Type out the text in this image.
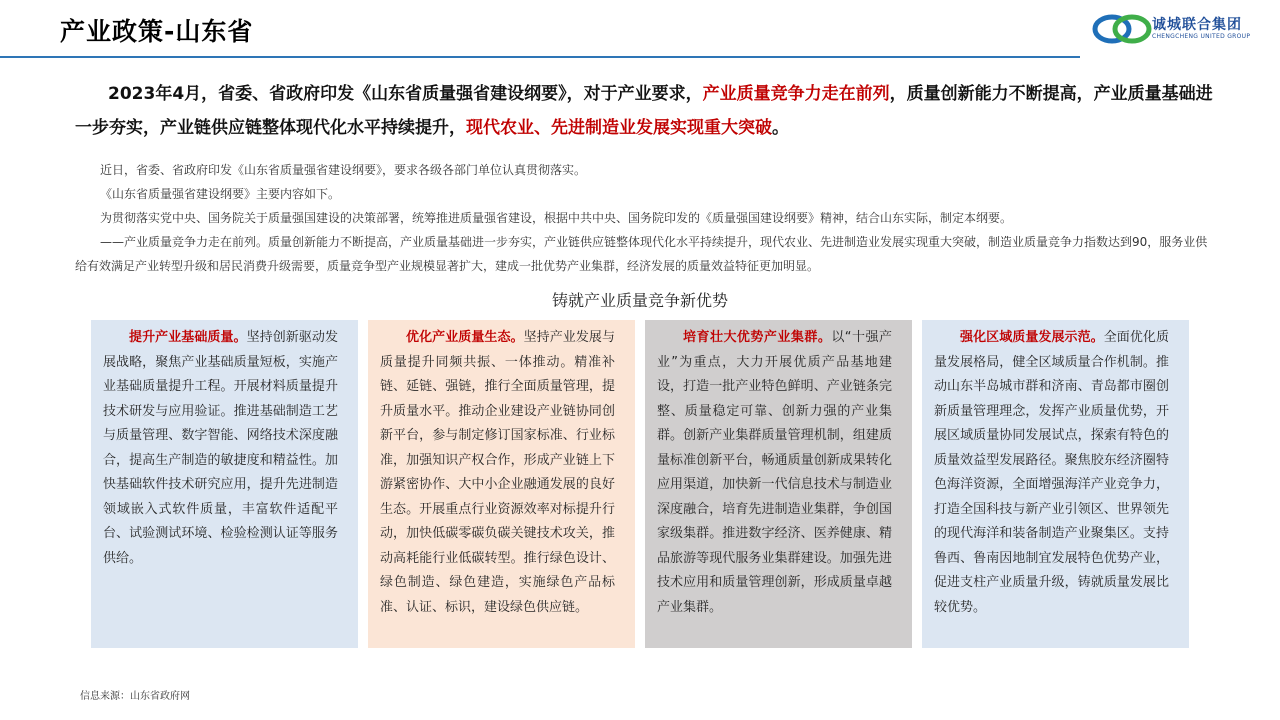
产业政策-山东省	诚城联合集团
CHENGCHENG UNITED GROUP
2023年4月，省委、省政府印发《山东省质量强省建设纲要》，对于产业要求，产业质量竞争力走在前列，质量创新能力不断提高，产业质量基础进一步夯实，产业链供应链整体现代化水平持续提升，现代农业、先进制造业发展实现重大突破。

近日，省委、省政府印发《山东省质量强省建设纲要》，要求各级各部门单位认真贯彻落实。

《山东省质量强省建设纲要》主要内容如下。

为贯彻落实党中央、国务院关于质量强国建设的决策部署，统筹推进质量强省建设，根据中共中央、国务院印发的《质量强国建设纲要》精神，结合山东实际，制定本纲要。

——产业质量竞争力走在前列。质量创新能力不断提高，产业质量基础进一步夯实，产业链供应链整体现代化水平持续提升，现代农业、先进制造业发展实现重大突破，制造业质量竞争力指数达到90，服务业供给有效满足产业转型升级和居民消费升级需要，质量竞争型产业规模显著扩大，建成一批优势产业集群，经济发展的质量效益特征更加明显。

铸就产业质量竞争新优势

提升产业基础质量。坚持创新驱动发展战略，聚焦产业基础质量短板，实施产业基础质量提升工程。开展材料质量提升技术研发与应用验证。推进基础制造工艺与质量管理、数字智能、网络技术深度融合，提高生产制造的敏捷度和精益性。加快基础软件技术研究应用，提升先进制造领域嵌入式软件质量，丰富软件适配平台、试验测试环境、检验检测认证等服务供给。

优化产业质量生态。坚持产业发展与质量提升同频共振、一体推动。精准补链、延链、强链，推行全面质量管理，提升质量水平。推动企业建设产业链协同创新平台，参与制定修订国家标准、行业标准，加强知识产权合作，形成产业链上下游紧密协作、大中小企业融通发展的良好生态。开展重点行业资源效率对标提升行动，加快低碳零碳负碳关键技术攻关，推动高耗能行业低碳转型。推行绿色设计、绿色制造、绿色建造，实施绿色产品标准、认证、标识，建设绿色供应链。

培育壮大优势产业集群。以“十强产业”为重点，大力开展优质产品基地建设，打造一批产业特色鲜明、产业链条完整、质量稳定可靠、创新力强的产业集群。创新产业集群质量管理机制，组建质量标准创新平台，畅通质量创新成果转化应用渠道，加快新一代信息技术与制造业深度融合，培育先进制造业集群，争创国家级集群。推进数字经济、医养健康、精品旅游等现代服务业集群建设。加强先进技术应用和质量管理创新，形成质量卓越产业集群。

强化区域质量发展示范。全面优化质量发展格局，健全区域质量合作机制。推动山东半岛城市群和济南、青岛都市圈创新质量管理理念，发挥产业质量优势，开展区域质量协同发展试点，探索有特色的质量效益型发展路径。聚焦胶东经济圈特色海洋资源，全面增强海洋产业竞争力，打造全国科技与新产业引领区、世界领先的现代海洋和装备制造产业聚集区。支持鲁西、鲁南因地制宜发展特色优势产业，促进支柱产业质量升级，铸就质量发展比较优势。

信息来源：山东省政府网
